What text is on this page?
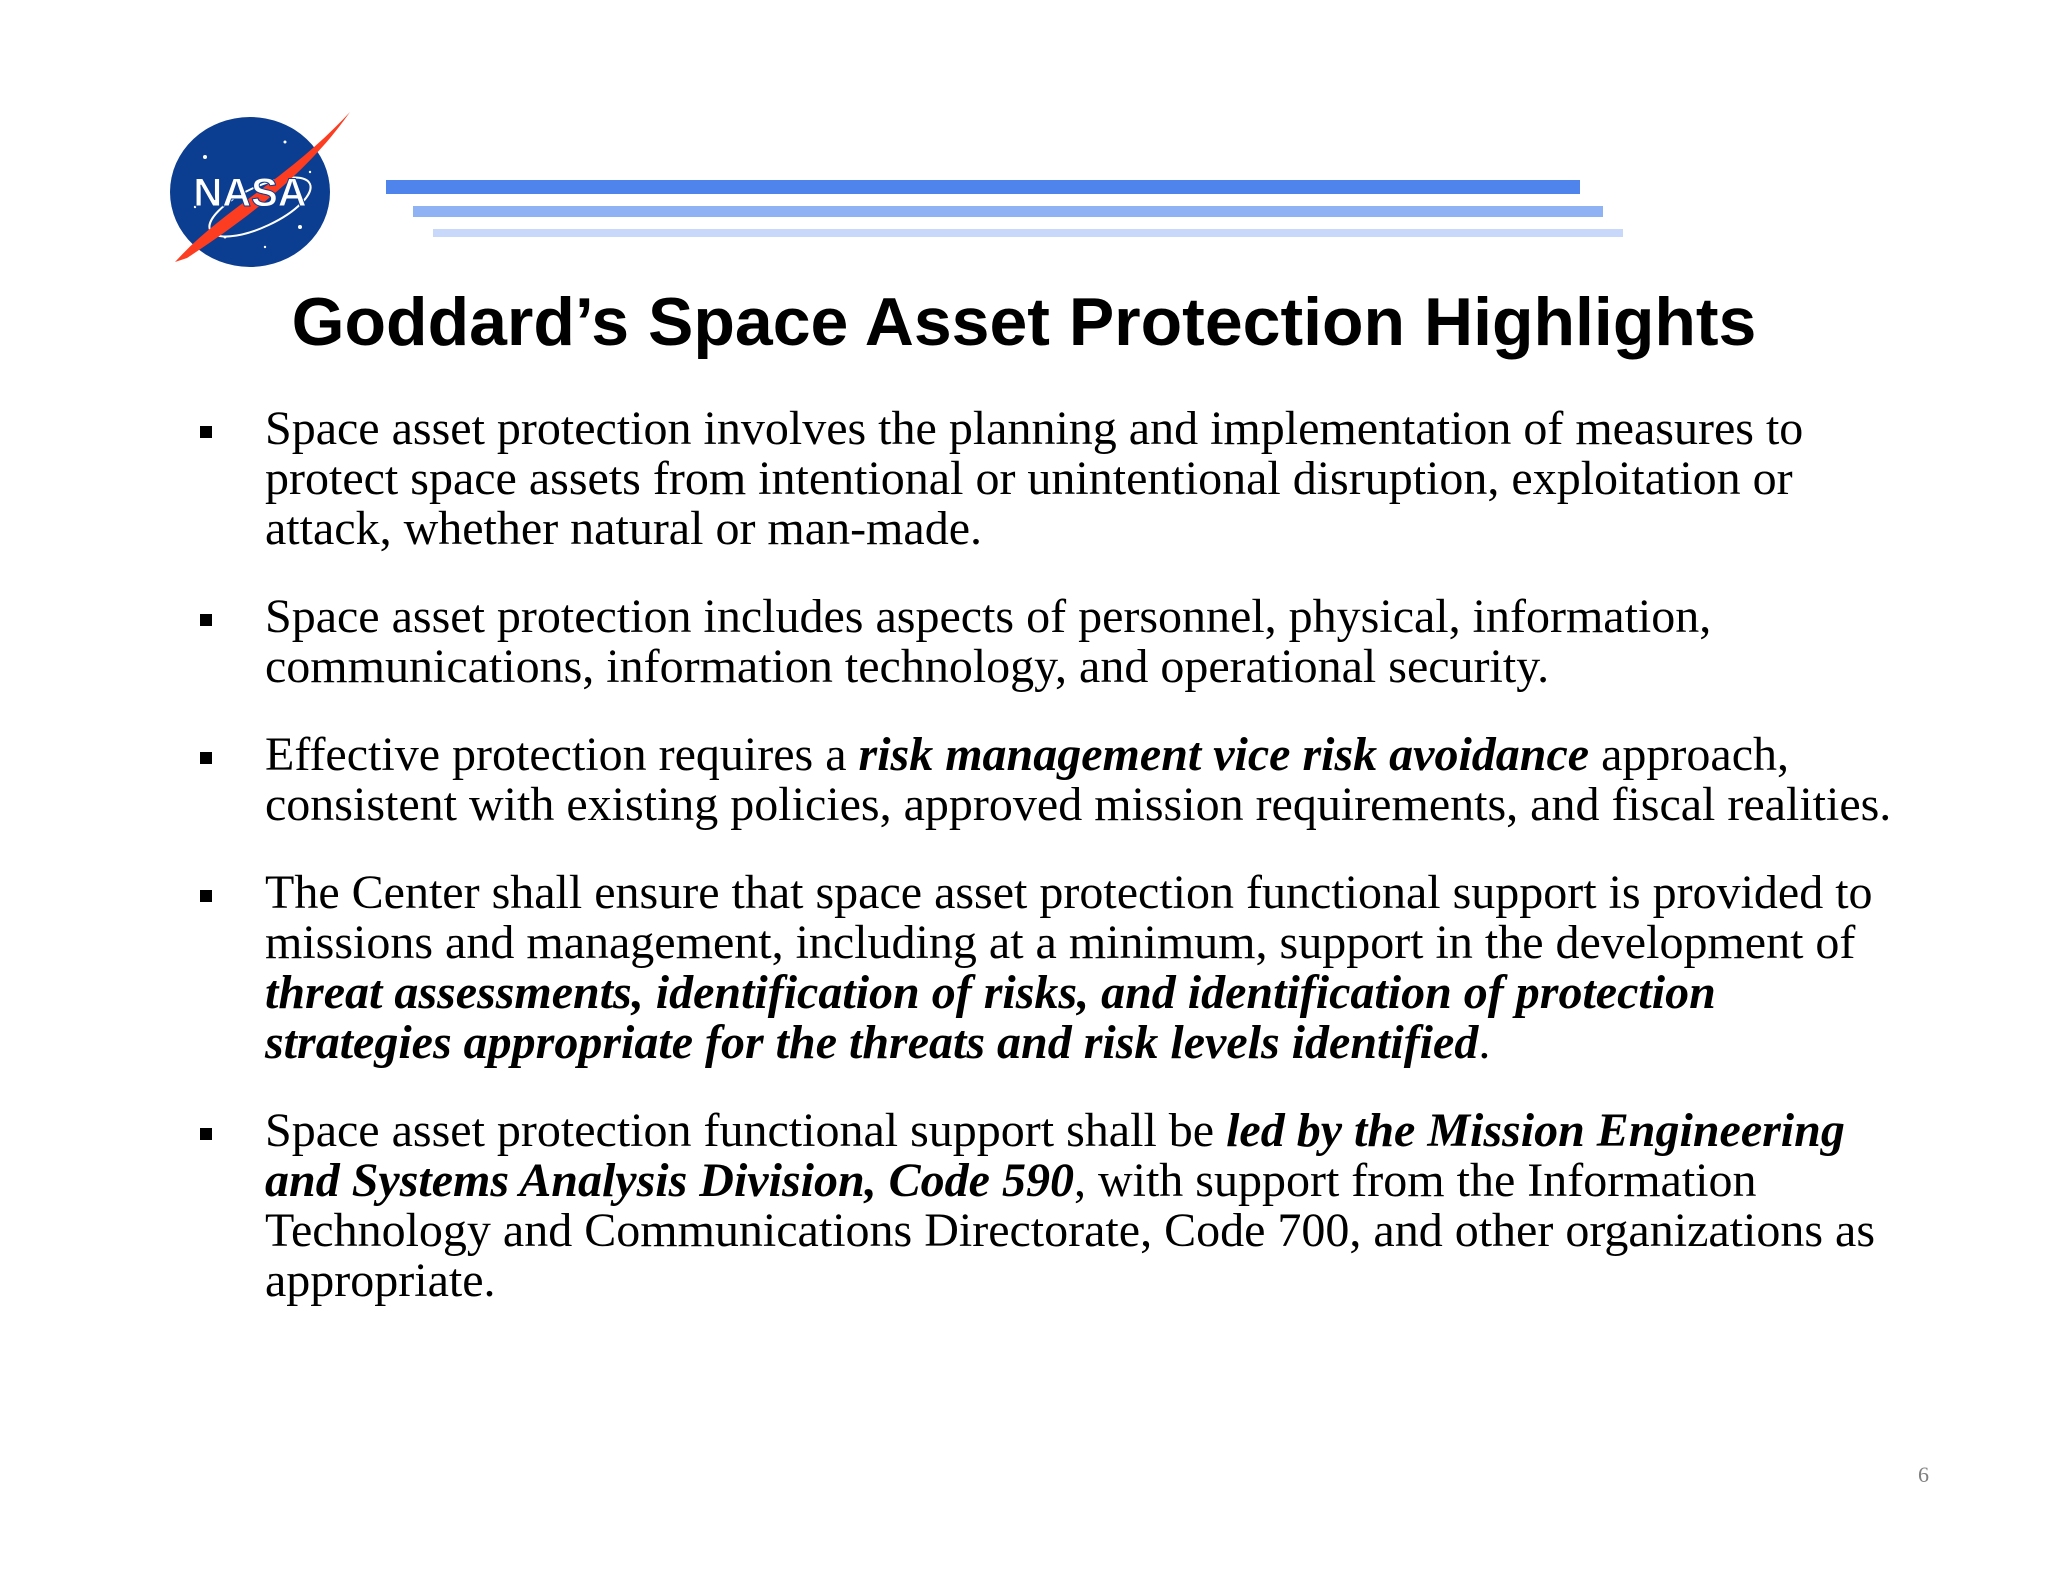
NASA
Goddard’s Space Asset Protection Highlights
Space asset protection involves the planning and implementation of measures to protect space assets from intentional or unintentional disruption, exploitation or attack, whether natural or man-made.
Space asset protection includes aspects of personnel, physical, information, communications, information technology, and operational security.
Effective protection requires a risk management vice risk avoidance approach, consistent with existing policies, approved mission requirements, and fiscal realities.
The Center shall ensure that space asset protection functional support is provided to missions and management, including at a minimum, support in the development of threat assessments, identification of risks, and identification of protection strategies appropriate for the threats and risk levels identified.
Space asset protection functional support shall be led by the Mission Engineering and Systems Analysis Division, Code 590, with support from the Information Technology and Communications Directorate, Code 700, and other organizations as appropriate.
6
